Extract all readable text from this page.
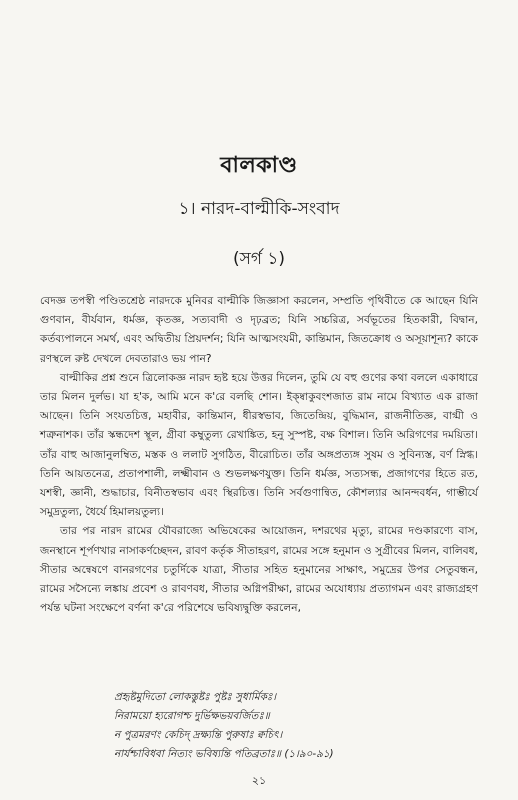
বালকাণ্ড
১। নারদ-বাল্মীকি-সংবাদ
(সর্গ ১)

বেদজ্ঞ তপস্বী পণ্ডিতশ্রেষ্ঠ নারদকে মুনিবর বাল্মীকি জিজ্ঞাসা করলেন, সম্প্রতি পৃথিবীতে কে আছেন যিনি গুণবান, বীর্যবান, ধর্মজ্ঞ, কৃতজ্ঞ, সত্যবাদী ও দৃঢ়ব্রত; যিনি সচ্চরিত্র, সর্বভূতের হিতকারী, বিদ্বান, কর্তব্যপালনে সমর্থ, এবং অদ্বিতীয় প্রিয়দর্শন; যিনি আত্মসংযমী, কান্তিমান, জিতক্রোধ ও অসূয়াশূন্য? কাকে রণস্থলে রুষ্ট দেখলে দেবতারাও ভয় পান?

বাল্মীকির প্রশ্ন শুনে ত্রিলোকজ্ঞ নারদ হৃষ্ট হয়ে উত্তর দিলেন, তুমি যে বহু গুণের কথা বললে একাধারে তার মিলন দুর্লভ। যা হ'ক, আমি মনে ক'রে বলছি শোন। ইক্ষ্বাকুবংশজাত রাম নামে বিখ্যাত এক রাজা আছেন। তিনি সংযতচিত্ত, মহাবীর, কান্তিমান, ধীরস্বভাব, জিতেন্দ্রিয়, বুদ্ধিমান, রাজনীতিজ্ঞ, বাগ্মী ও শত্রুনাশক। তাঁর স্কন্ধদেশ স্থূল, গ্রীবা কম্বুতুল্য রেখাঙ্কিত, হনু সুস্পষ্ট, বক্ষ বিশাল। তিনি অরিগণের দময়িতা। তাঁর বাহু আজানুলম্বিত, মস্তক ও ললাট সুগঠিত, বীরোচিত। তাঁর অঙ্গপ্রত্যঙ্গ সুষম ও সুবিন্যস্ত, বর্ণ স্নিগ্ধ। তিনি আয়তনেত্র, প্রতাপশালী, লক্ষ্মীবান ও শুভলক্ষণযুক্ত। তিনি ধর্মজ্ঞ, সত্যসন্ধ, প্রজাগণের হিতে রত, যশস্বী, জ্ঞানী, শুদ্ধাচার, বিনীতস্বভাব এবং স্থিরচিত্ত। তিনি সর্বগুণান্বিত, কৌশল্যার আনন্দবর্ধন, গাম্ভীর্যে সমুদ্রতুল্য, ধৈর্যে হিমালয়তুল্য।

তার পর নারদ রামের যৌবরাজ্যে অভিষেকের আয়োজন, দশরথের মৃত্যু, রামের দণ্ডকারণ্যে বাস, জনস্থানে শূর্পণখার নাসাকর্ণচ্ছেদন, রাবণ কর্তৃক সীতাহরণ, রামের সঙ্গে হনুমান ও সুগ্রীবের মিলন, বালিবধ, সীতার অন্বেষণে বানরগণের চতুর্দিকে যাত্রা, সীতার সহিত হনুমানের সাক্ষাৎ, সমুদ্রের উপর সেতুবন্ধন, রামের সসৈন্যে লঙ্কায় প্রবেশ ও রাবণবধ, সীতার অগ্নিপরীক্ষা, রামের অযোধ্যায় প্রত্যাগমন এবং রাজ্যগ্রহণ পর্যন্ত ঘটনা সংক্ষেপে বর্ণনা ক'রে পরিশেষে ভবিষ্যদ্বুক্তি করলেন,

প্রহৃষ্টমুদিতো লোকস্তুষ্টঃ পুষ্টঃ সুধার্মিকঃ।
নিরাময়ো হ্যরোগশ্চ দুর্ভিক্ষভয়বর্জিতঃ॥
ন পুত্রমরণং কেচিদ্ দ্রক্ষ্যন্তি পুরুষাঃ ক্বচিৎ।
নার্যশ্চাবিধবা নিত্যং ভবিষ্যন্তি পতিব্রতাঃ॥ (১।৯০-৯১)
২১
